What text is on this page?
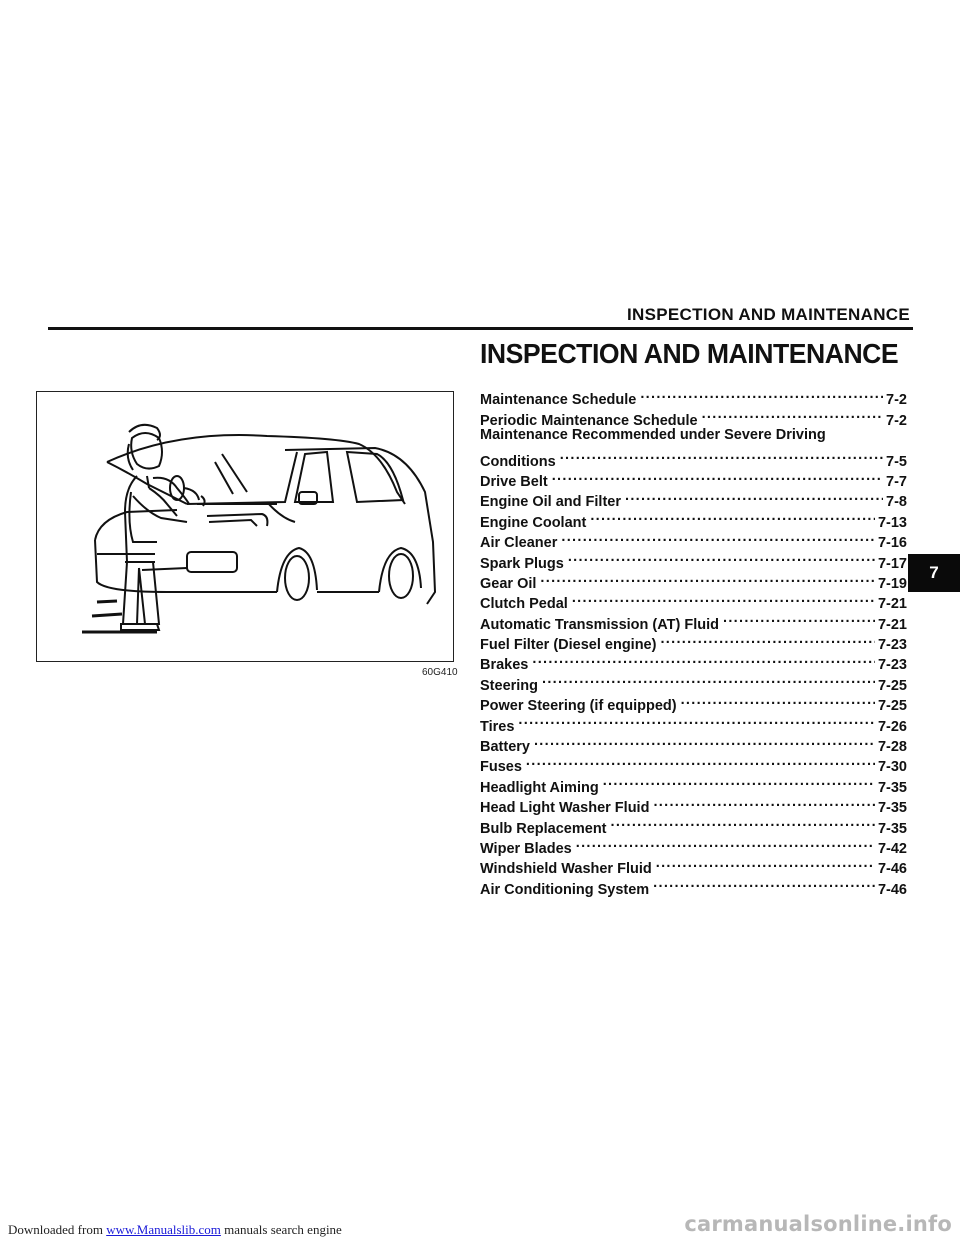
INSPECTION AND MAINTENANCE
INSPECTION AND MAINTENANCE
60G410
Maintenance Schedule .....	7-2
Periodic Maintenance Schedule .....	7-2
Maintenance Recommended under Severe Driving
Conditions .....	7-5
Drive Belt .....	7-7
Engine Oil and Filter .....	7-8
Engine Coolant .....	7-13
Air Cleaner .....	7-16
Spark Plugs .....	7-17
Gear Oil .....	7-19
Clutch Pedal .....	7-21
Automatic Transmission (AT) Fluid .....	7-21
Fuel Filter (Diesel engine) .....	7-23
Brakes .....	7-23
Steering .....	7-25
Power Steering (if equipped) .....	7-25
Tires .....	7-26
Battery .....	7-28
Fuses .....	7-30
Headlight Aiming .....	7-35
Head Light Washer Fluid .....	7-35
Bulb Replacement .....	7-35
Wiper Blades .....	7-42
Windshield Washer Fluid .....	7-46
Air Conditioning System .....	7-46
7
Downloaded from www.Manualslib.com manuals search engine	carmanualsonline.info
